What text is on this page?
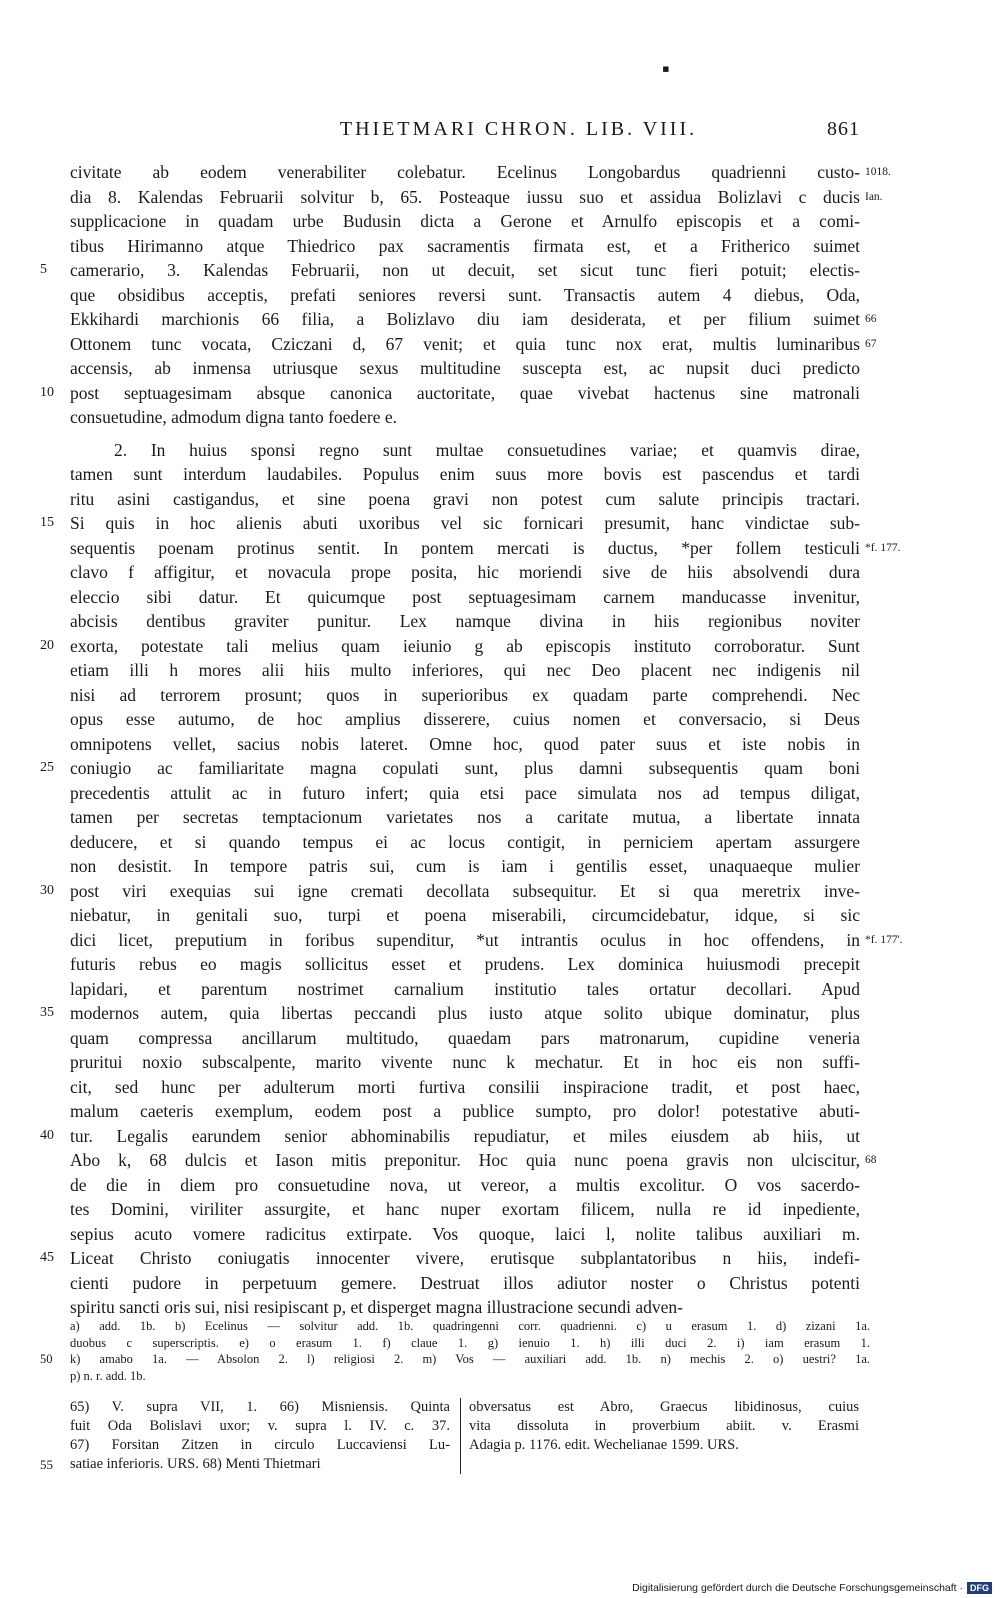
▪
THIETMARI CHRON. LIB. VIII.	861
civitate ab eodem venerabiliter colebatur. Ecelinus Longobardus quadrienni custo- 1018.
dia 8. Kalendas Februarii solvitur b, 65. Posteaque iussu suo et assidua Bolizlavi c ducis Ian.
supplicacione in quadam urbe Budusin dicta a Gerone et Arnulfo episcopis et a comi-
tibus Hirimanno atque Thiedrico pax sacramentis firmata est, et a Fritherico suimet
5	camerario, 3. Kalendas Februarii, non ut decuit, set sicut tunc fieri potuit; electis-
que obsidibus acceptis, prefati seniores reversi sunt. Transactis autem 4 diebus, Oda,
Ekkihardi marchionis 66 filia, a Bolizlavo diu iam desiderata, et per filium suimet 66
Ottonem tunc vocata, Cziczani d, 67 venit; et quia tunc nox erat, multis luminaribus 67
accensis, ab inmensa utriusque sexus multitudine suscepta est, ac nupsit duci predicto
10 post septuagesimam absque canonica auctoritate, quae vivebat hactenus sine matronali
consuetudine, admodum digna tanto foedere e.
2. In huius sponsi regno sunt multae consuetudines variae; et quamvis dirae,
tamen sunt interdum laudabiles. Populus enim suus more bovis est pascendus et tardi
ritu asini castigandus, et sine poena gravi non potest cum salute principis tractari.
15 Si quis in hoc alienis abuti uxoribus vel sic fornicari presumit, hanc vindictae sub-
sequentis poenam protinus sentit. In pontem mercati is ductus, *per follem testiculi *f. 177.
clavo f affigitur, et novacula prope posita, hic moriendi sive de hiis absolvendi dura
eleccio sibi datur. Et quicumque post septuagesimam carnem manducasse invenitur,
abcisis dentibus graviter punitur. Lex namque divina in hiis regionibus noviter
20 exorta, potestate tali melius quam ieiunio g ab episcopis instituto corroboratur. Sunt
etiam illi h mores alii hiis multo inferiores, qui nec Deo placent nec indigenis nil
nisi ad terrorem prosunt; quos in superioribus ex quadam parte comprehendi. Nec
opus esse autumo, de hoc amplius disserere, cuius nomen et conversacio, si Deus
omnipotens vellet, sacius nobis lateret. Omne hoc, quod pater suus et iste nobis in
25 coniugio ac familiaritate magna copulati sunt, plus damni subsequentis quam boni
precedentis attulit ac in futuro infert; quia etsi pace simulata nos ad tempus diligat,
tamen per secretas temptacionum varietates nos a caritate mutua, a libertate innata
deducere, et si quando tempus ei ac locus contigit, in perniciem apertam assurgere
non desistit. In tempore patris sui, cum is iam i gentilis esset, unaquaeque mulier
30 post viri exequias sui igne cremati decollata subsequitur. Et si qua meretrix inve-
niebatur, in genitali suo, turpi et poena miserabili, circumcidebatur, idque, si sic
dici licet, preputium in foribus supenditur, *ut intrantis oculus in hoc offendens, in *f. 177'.
futuris rebus eo magis sollicitus esset et prudens. Lex dominica huiusmodi precepit
lapidari, et parentum nostrimet carnalium institutio tales ortatur decollari. Apud
35 modernos autem, quia libertas peccandi plus iusto atque solito ubique dominatur, plus
quam compressa ancillarum multitudo, quaedam pars matronarum, cupidine veneria
pruritui noxio subscalpente, marito vivente nunc k mechatur. Et in hoc eis non suffi-
cit, sed hunc per adulterum morti furtiva consilii inspiracione tradit, et post haec,
malum caeteris exemplum, eodem post a publice sumpto, pro dolor! potestative abuti-
40 tur. Legalis earundem senior abhominabilis repudiatur, et miles eiusdem ab hiis, ut
Abo k, 68 dulcis et Iason mitis preponitur. Hoc quia nunc poena gravis non ulciscitur, 68
de die in diem pro consuetudine nova, ut vereor, a multis excolitur. O vos sacerdo-
tes Domini, viriliter assurgite, et hanc nuper exortam filicem, nulla re id inpediente,
sepius acuto vomere radicitus extirpate. Vos quoque, laici l, nolite talibus auxiliari m.
45 Liceat Christo coniugatis innocenter vivere, erutisque subplantatoribus n hiis, indefi-
cienti pudore in perpetuum gemere. Destruat illos adiutor noster o Christus potenti
spiritu sancti oris sui, nisi resipiscant p, et disperget magna illustracione secundi adven-
a) add. 1b. b) Ecelinus — solvitur add. 1b. quadringenni corr. quadrienni. c) u erasum 1. d) zizani 1a.
duobus c superscriptis. e) o erasum 1. f) claue 1. g) ienuio 1. h) illi duci 2. i) iam erasum 1.
50	k) amabo 1a. — Absolon 2. l) religiosi 2. m) Vos — auxiliari add. 1b. n) mechis 2. o) uestri? 1a.
p) n. r. add. 1b.
65) V. supra VII, 1. 66) Misniensis. Quinta
fuit Oda Bolislavi uxor; v. supra l. IV. c. 37.
67) Forsitan Zitzen in circulo Luccaviensi Lu-
55	satiae inferioris. URS. 68) Menti Thietmari
obversatus est Abro, Graecus libidinosus, cuius
vita dissoluta in proverbium abiit. v. Erasmi
Adagia p. 1176. edit. Wechelianae 1599. URS.
Digitalisierung gefördert durch die Deutsche Forschungsgemeinschaft · DFG
